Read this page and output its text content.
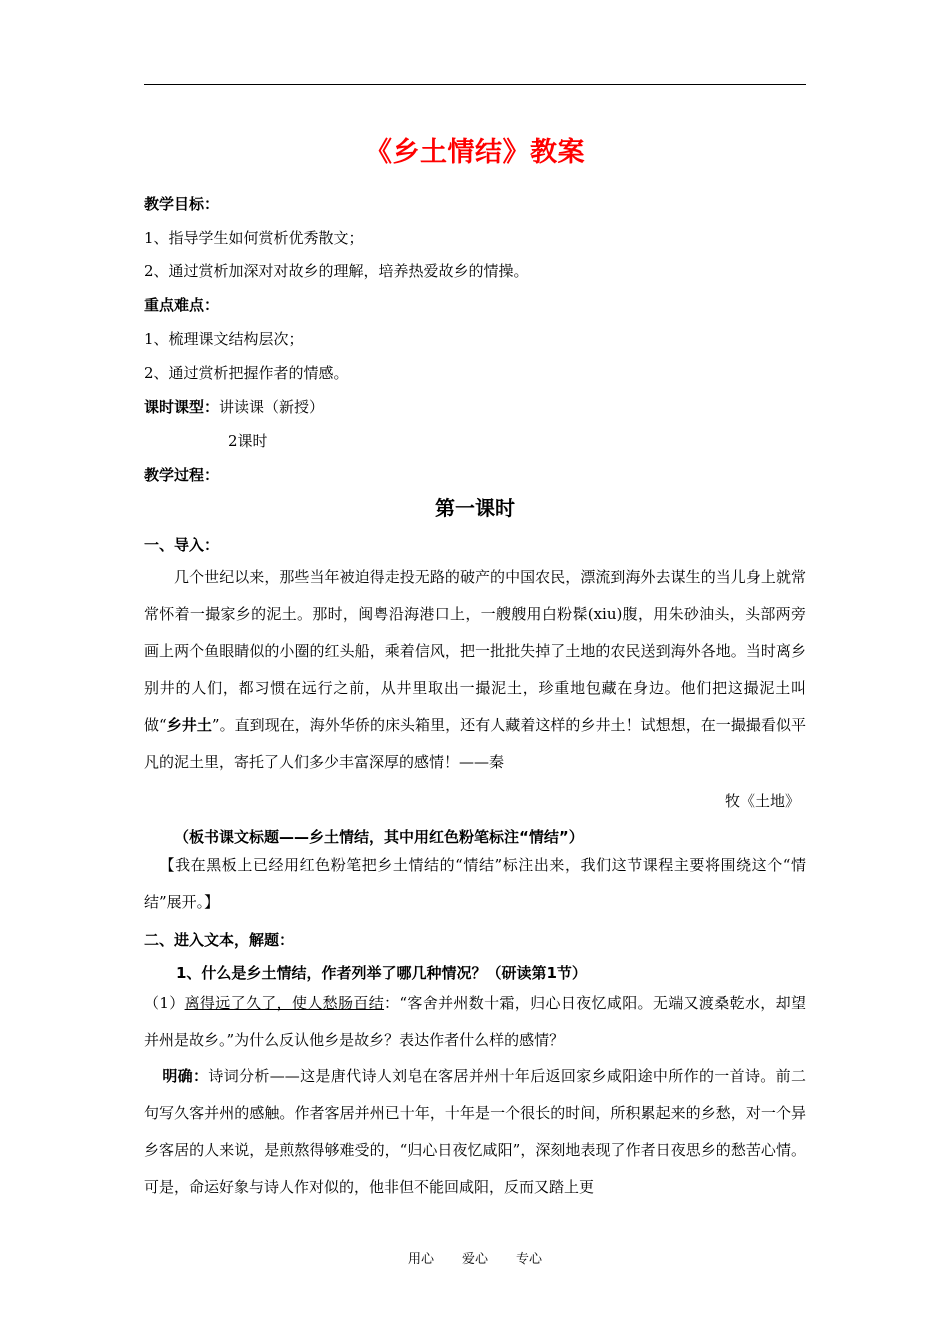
《乡土情结》教案
教学目标：
1、指导学生如何赏析优秀散文；
2、通过赏析加深对对故乡的理解，培养热爱故乡的情操。
重点难点：
1、梳理课文结构层次；
2、通过赏析把握作者的情感。
课时课型：讲读课（新授）
2课时
教学过程：
第一课时
一、导入：
几个世纪以来，那些当年被迫得走投无路的破产的中国农民，漂流到海外去谋生的当儿身上就常常怀着一撮家乡的泥土。那时，闽粤沿海港口上，一艘艘用白粉髹(xiu)腹，用朱砂油头，头部两旁画上两个鱼眼睛似的小圈的红头船，乘着信风，把一批批失掉了土地的农民送到海外各地。当时离乡别井的人们，都习惯在远行之前，从井里取出一撮泥土，珍重地包藏在身边。他们把这撮泥土叫做“乡井土”。直到现在，海外华侨的床头箱里，还有人藏着这样的乡井土！试想想，在一撮撮看似平凡的泥土里，寄托了人们多少丰富深厚的感情！——秦
牧《土地》
（板书课文标题——乡土情结，其中用红色粉笔标注“情结”）
【我在黑板上已经用红色粉笔把乡土情结的“情结”标注出来，我们这节课程主要将围绕这个“情结”展开。】
二、进入文本，解题：
1、什么是乡土情结，作者列举了哪几种情况？（研读第1节）
（1）离得远了久了，使人愁肠百结：“客舍并州数十霜，归心日夜忆咸阳。无端又渡桑乾水，却望并州是故乡。”为什么反认他乡是故乡？表达作者什么样的感情？
明确：诗词分析——这是唐代诗人刘皂在客居并州十年后返回家乡咸阳途中所作的一首诗。前二句写久客并州的感触。作者客居并州已十年，十年是一个很长的时间，所积累起来的乡愁，对一个异乡客居的人来说，是煎熬得够难受的，“归心日夜忆咸阳”，深刻地表现了作者日夜思乡的愁苦心情。可是，命运好象与诗人作对似的，他非但不能回咸阳，反而又踏上更
用心 爱心 专心
